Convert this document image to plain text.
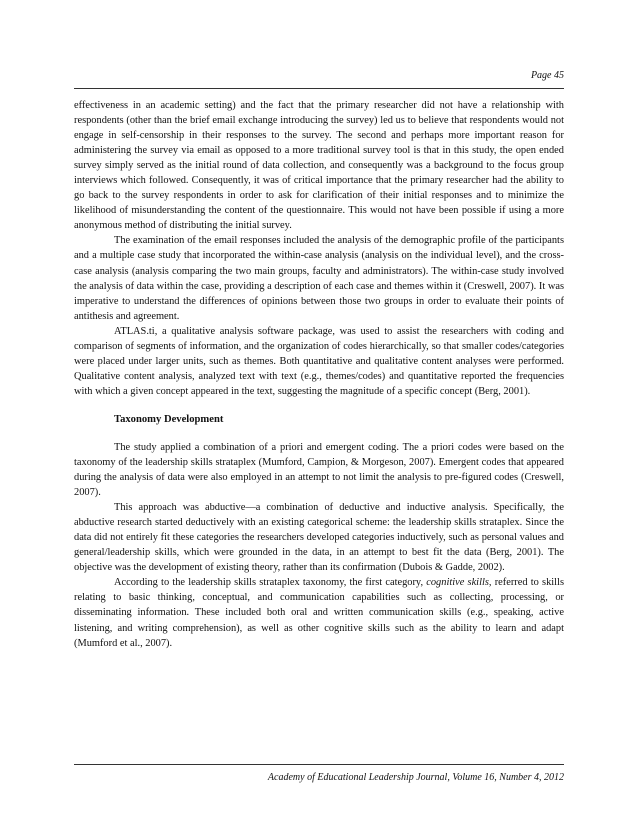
Page 45

effectiveness in an academic setting) and the fact that the primary researcher did not have a relationship with respondents (other than the brief email exchange introducing the survey) led us to believe that respondents would not engage in self-censorship in their responses to the survey. The second and perhaps more important reason for administering the survey via email as opposed to a more traditional survey tool is that in this study, the open ended survey simply served as the initial round of data collection, and consequently was a background to the focus group interviews which followed. Consequently, it was of critical importance that the primary researcher had the ability to go back to the survey respondents in order to ask for clarification of their initial responses and to minimize the likelihood of misunderstanding the content of the questionnaire. This would not have been possible if using a more anonymous method of distributing the initial survey.

The examination of the email responses included the analysis of the demographic profile of the participants and a multiple case study that incorporated the within-case analysis (analysis on the individual level), and the cross-case analysis (analysis comparing the two main groups, faculty and administrators). The within-case study involved the analysis of data within the case, providing a description of each case and themes within it (Creswell, 2007). It was imperative to understand the differences of opinions between those two groups in order to evaluate their points of antithesis and agreement.

ATLAS.ti, a qualitative analysis software package, was used to assist the researchers with coding and comparison of segments of information, and the organization of codes hierarchically, so that smaller codes/categories were placed under larger units, such as themes. Both quantitative and qualitative content analyses were performed. Qualitative content analysis, analyzed text with text (e.g., themes/codes) and quantitative reported the frequencies with which a given concept appeared in the text, suggesting the magnitude of a specific concept (Berg, 2001).

Taxonomy Development

The study applied a combination of a priori and emergent coding. The a priori codes were based on the taxonomy of the leadership skills strataplex (Mumford, Campion, & Morgeson, 2007). Emergent codes that appeared during the analysis of data were also employed in an attempt to not limit the analysis to pre-figured codes (Creswell, 2007).

This approach was abductive—a combination of deductive and inductive analysis. Specifically, the abductive research started deductively with an existing categorical scheme: the leadership skills strataplex. Since the data did not entirely fit these categories the researchers developed categories inductively, such as personal values and general/leadership skills, which were grounded in the data, in an attempt to best fit the data (Berg, 2001). The objective was the development of existing theory, rather than its confirmation (Dubois & Gadde, 2002).

According to the leadership skills strataplex taxonomy, the first category, cognitive skills, referred to skills relating to basic thinking, conceptual, and communication capabilities such as collecting, processing, or disseminating information. These included both oral and written communication skills (e.g., speaking, active listening, and writing comprehension), as well as other cognitive skills such as the ability to learn and adapt (Mumford et al., 2007).

Academy of Educational Leadership Journal, Volume 16, Number 4, 2012
